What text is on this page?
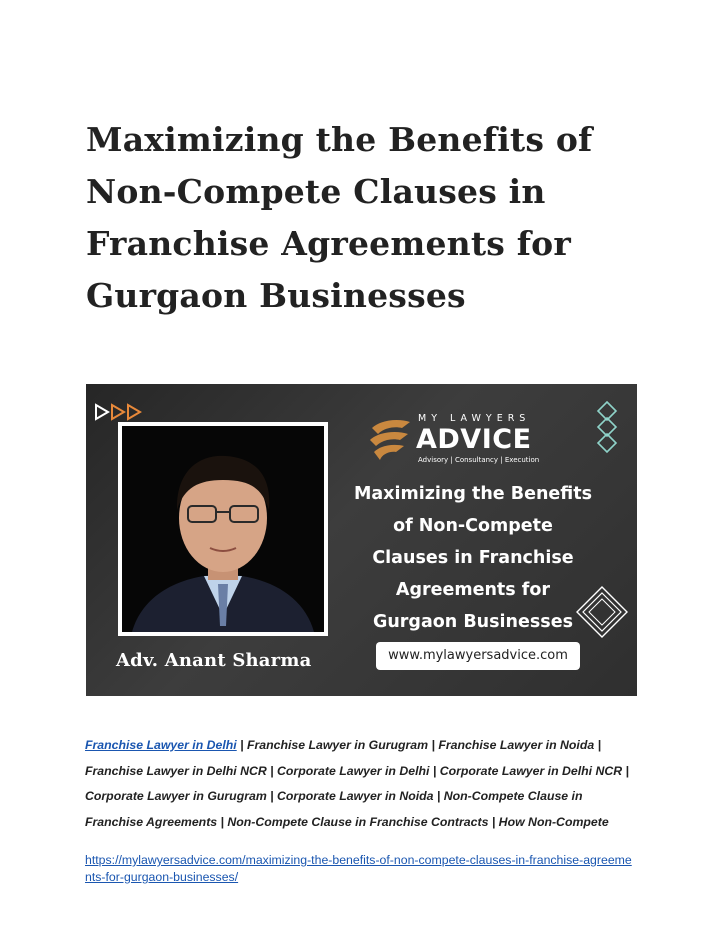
Maximizing the Benefits of Non-Compete Clauses in Franchise Agreements for Gurgaon Businesses
Adv. Anant Sharma
MY LAWYERS
ADVICE
Advisory | Consultancy | Execution
Maximizing the Benefits
of Non-Compete
Clauses in Franchise
Agreements for
Gurgaon Businesses
www.mylawyersadvice.com
Franchise Lawyer in Delhi | Franchise Lawyer in Gurugram | Franchise Lawyer in Noida | Franchise Lawyer in Delhi NCR | Corporate Lawyer in Delhi | Corporate Lawyer in Delhi NCR | Corporate Lawyer in Gurugram | Corporate Lawyer in Noida | Non-Compete Clause in Franchise Agreements | Non-Compete Clause in Franchise Contracts | How Non-Compete
https://mylawyersadvice.com/maximizing-the-benefits-of-non-compete-clauses-in-franchise-agreements-for-gurgaon-businesses/
